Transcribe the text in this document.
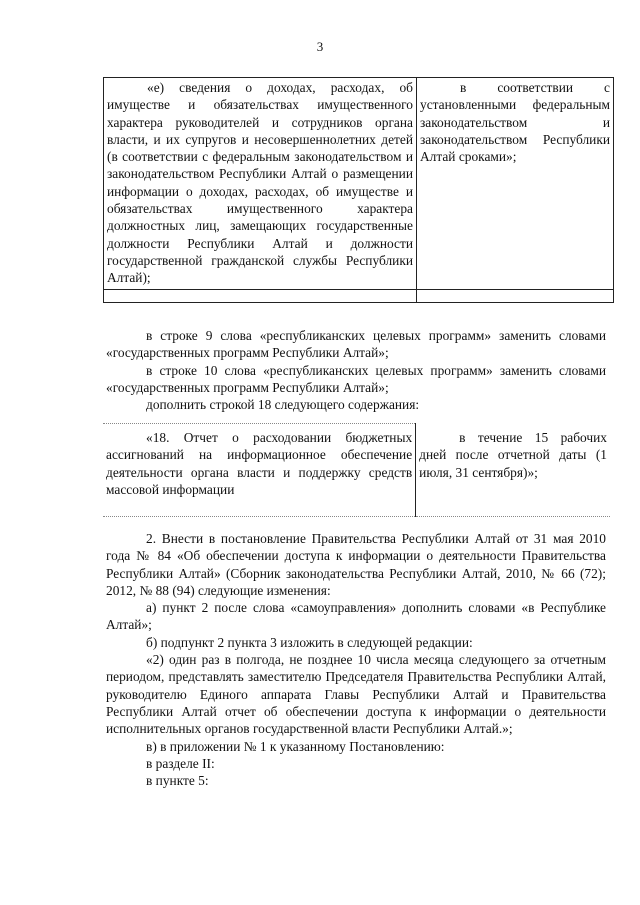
3
«е) сведения о доходах, расходах, об имуществе и обязательствах имущественного характера руководителей и сотрудников органа власти, и их супругов и несовершеннолетних детей (в соответствии с федеральным законодательством и законодательством Республики Алтай о размещении информации о доходах, расходах, об имуществе и обязательствах имущественного характера должностных лиц, замещающих государственные должности Республики Алтай и должности государственной гражданской службы Республики Алтай);	в соответствии с установленными федеральным законодательством и законодательством Республики Алтай сроками»;

в строке 9 слова «республиканских целевых программ» заменить словами «государственных программ Республики Алтай»;

в строке 10 слова «республиканских целевых программ» заменить словами «государственных программ Республики Алтай»;

дополнить строкой 18 следующего содержания:

«18. Отчет о расходовании бюджетных ассигнований на информационное обеспечение деятельности органа власти и поддержку средств массовой информации	в течение 15 рабочих дней после отчетной даты (1 июля, 31 сентября)»;

2. Внести в постановление Правительства Республики Алтай от 31 мая 2010 года № 84 «Об обеспечении доступа к информации о деятельности Правительства Республики Алтай» (Сборник законодательства Республики Алтай, 2010, № 66 (72); 2012, № 88 (94) следующие изменения:

а) пункт 2 после слова «самоуправления» дополнить словами «в Республике Алтай»;

б) подпункт 2 пункта 3 изложить в следующей редакции:

«2) один раз в полгода, не позднее 10 числа месяца следующего за отчетным периодом, представлять заместителю Председателя Правительства Республики Алтай, руководителю Единого аппарата Главы Республики Алтай и Правительства Республики Алтай отчет об обеспечении доступа к информации о деятельности исполнительных органов государственной власти Республики Алтай.»;

в) в приложении № 1 к указанному Постановлению:

в разделе II:

в пункте 5:
